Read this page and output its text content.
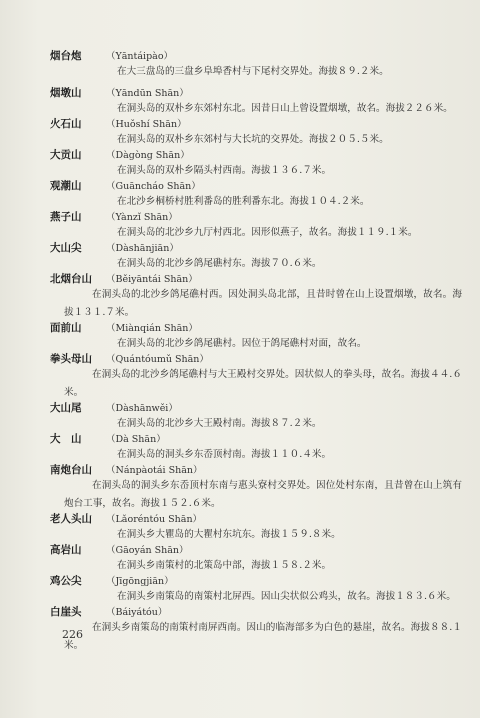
烟台炮	（Yāntáipào）
在大三盘岛的三盘乡阜埠香村与下尾村交界处。海拔８９.２米。
烟墩山	（Yāndūn Shān）
在洞头岛的双朴乡东郊村东北。因昔日山上曾设置烟墩，故名。海拔２２６米。
火石山	（Huǒshí Shān）
在洞头岛的双朴乡东郊村与大长坑的交界处。海拔２０５.５米。
大贡山	（Dàgòng Shān）
在洞头岛的双朴乡隔头村西南。海拔１３６.７米。
观潮山	（Guāncháo Shān）
在北沙乡桐桥村胜利番岛的胜利番东北。海拔１０４.２米。
燕子山	（Yànzǐ Shān）
在洞头岛的北沙乡九厅村西北。因形似燕子，故名。海拔１１９.１米。
大山尖	（Dàshānjiān）
在洞头岛的北沙乡鸽尾礁村东。海拔７０.６米。
北烟台山 （Běiyāntái Shān）
在洞头岛的北沙乡鸽尾礁村西。因处洞头岛北部，且昔时曾在山上设置烟墩，故名。海拔１３１.７米。
面前山	（Miànqián Shān）
在洞头岛的北沙乡鸽尾礁村。因位于鸽尾礁村对面，故名。
拳头母山 （Quántóumǔ Shān）
在洞头岛的北沙乡鸽尾礁村与大王殿村交界处。因状似人的拳头母，故名。海拔４４.６米。
大山尾	（Dàshānwěi）
在洞头岛的北沙乡大王殿村南。海拔８７.２米。
大　山	（Dà Shān）
在洞头岛的洞头乡东岙顶村南。海拔１１０.４米。
南炮台山 （Nánpàotái Shān）
在洞头岛的洞头乡东岙顶村东南与惠头寮村交界处。因位处村东南，且昔曾在山上筑有炮台工事，故名。海拔１５２.６米。
老人头山 （Lǎoréntóu Shān）
在洞头乡大瞿岛的大瞿村东坑东。海拔１５９.８米。
高岩山	（Gāoyán Shān）
在洞头乡南策村的北策岛中部，海拔１５８.２米。
鸡公尖	（Jīgōngjiān）
在洞头乡南策岛的南策村北屏西。因山尖状似公鸡头，故名。海拔１８３.６米。
白崖头	（Báiyátóu）
在洞头乡南策岛的南策村南屏西南。因山的临海部多为白色的悬崖，故名。海拔８８.１米。
226
